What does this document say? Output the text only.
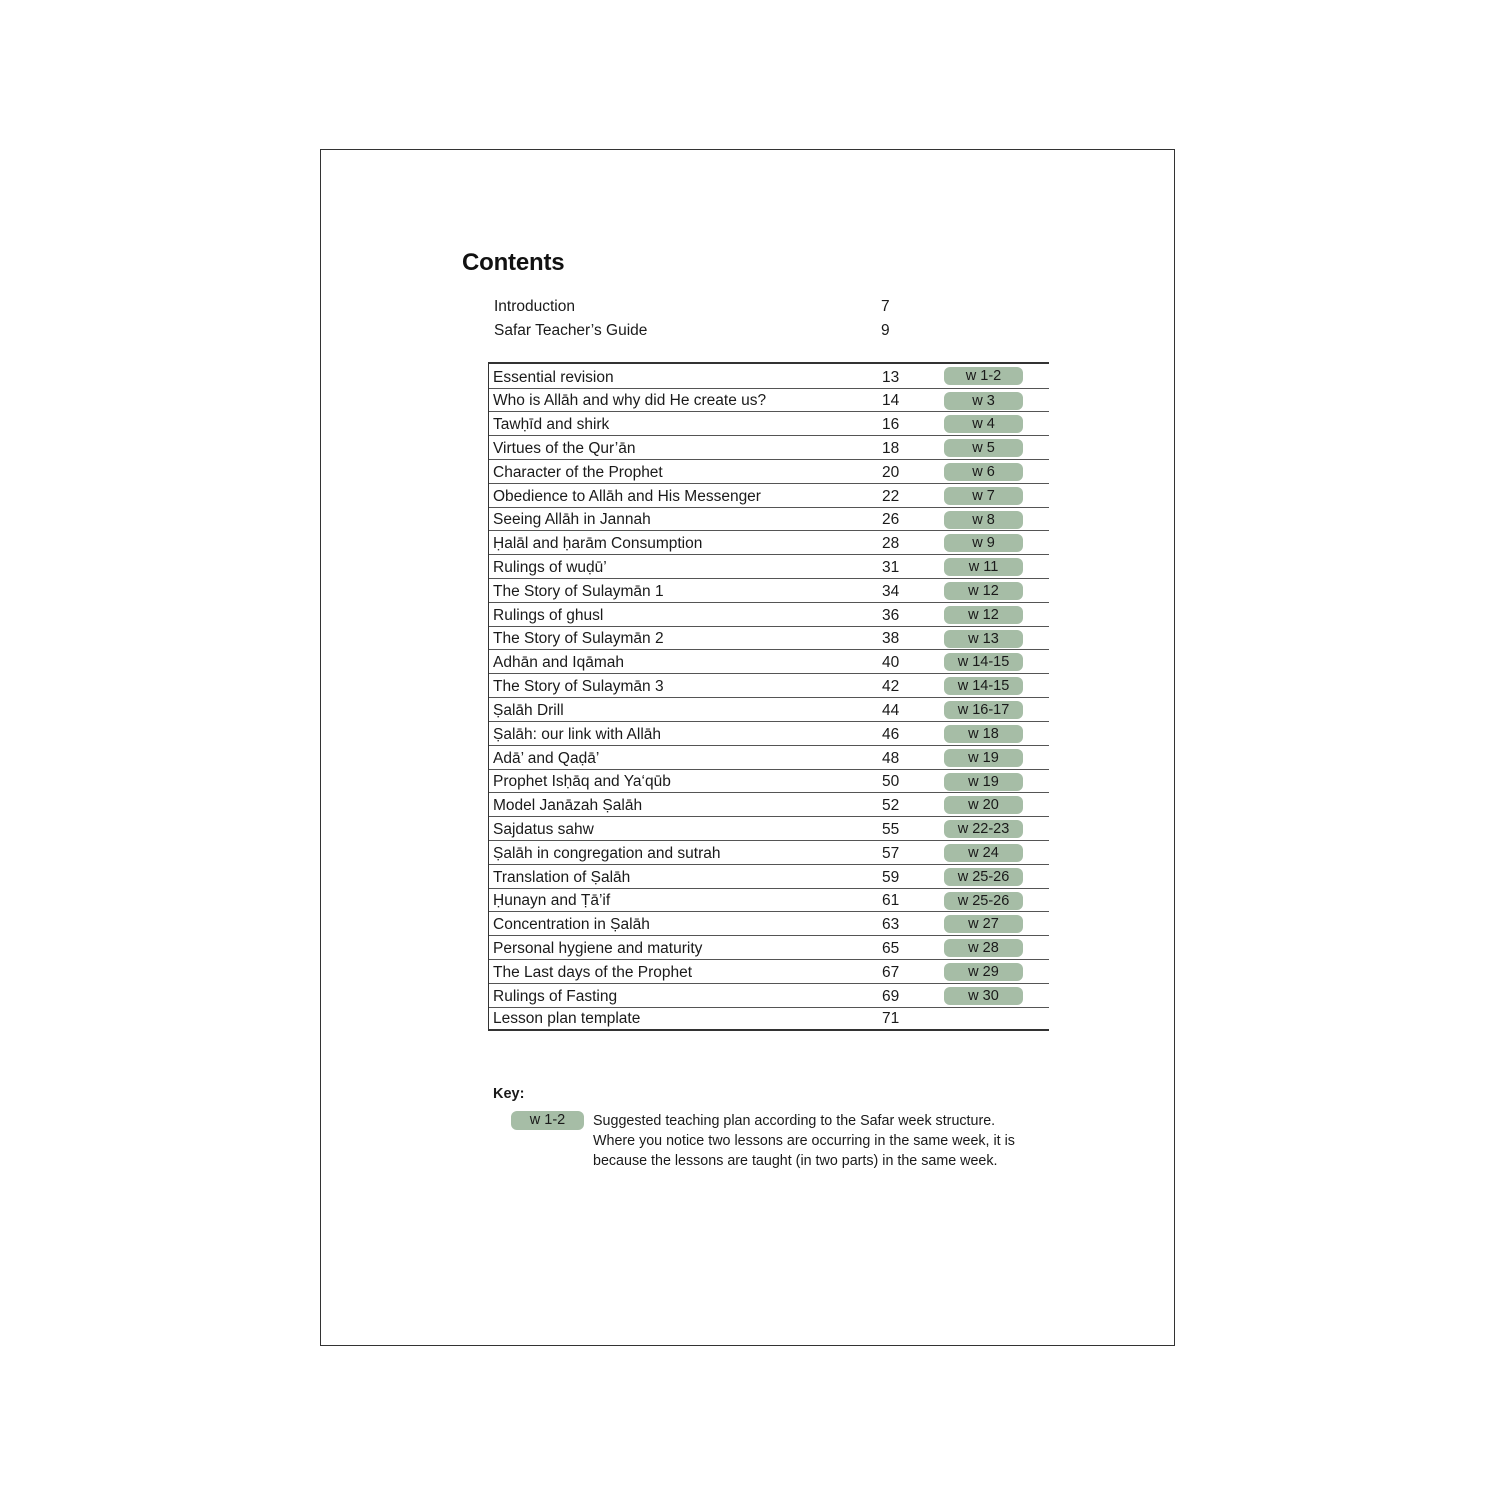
Contents
Introduction	7
Safar Teacher’s Guide	9
Essential revision	13	w 1-2
Who is Allāh and why did He create us?	14	w 3
Tawḥīd and shirk	16	w 4
Virtues of the Qur’ān	18	w 5
Character of the Prophet	20	w 6
Obedience to Allāh and His Messenger	22	w 7
Seeing Allāh in Jannah	26	w 8
Ḥalāl and ḥarām Consumption	28	w 9
Rulings of wuḍū’	31	w 11
The Story of Sulaymān 1	34	w 12
Rulings of ghusl	36	w 12
The Story of Sulaymān 2	38	w 13
Adhān and Iqāmah	40	w 14-15
The Story of Sulaymān 3	42	w 14-15
Ṣalāh Drill	44	w 16-17
Ṣalāh: our link with Allāh	46	w 18
Adā’ and Qaḍā’	48	w 19
Prophet Isḥāq and Ya‘qūb	50	w 19
Model Janāzah Ṣalāh	52	w 20
Sajdatus sahw	55	w 22-23
Ṣalāh in congregation and sutrah	57	w 24
Translation of Ṣalāh	59	w 25-26
Ḥunayn and Ṭā’if	61	w 25-26
Concentration in Ṣalāh	63	w 27
Personal hygiene and maturity	65	w 28
The Last days of the Prophet	67	w 29
Rulings of Fasting	69	w 30
Lesson plan template	71
Key:
w 1-2	Suggested teaching plan according to the Safar week structure.
Where you notice two lessons are occurring in the same week, it is
because the lessons are taught (in two parts) in the same week.
